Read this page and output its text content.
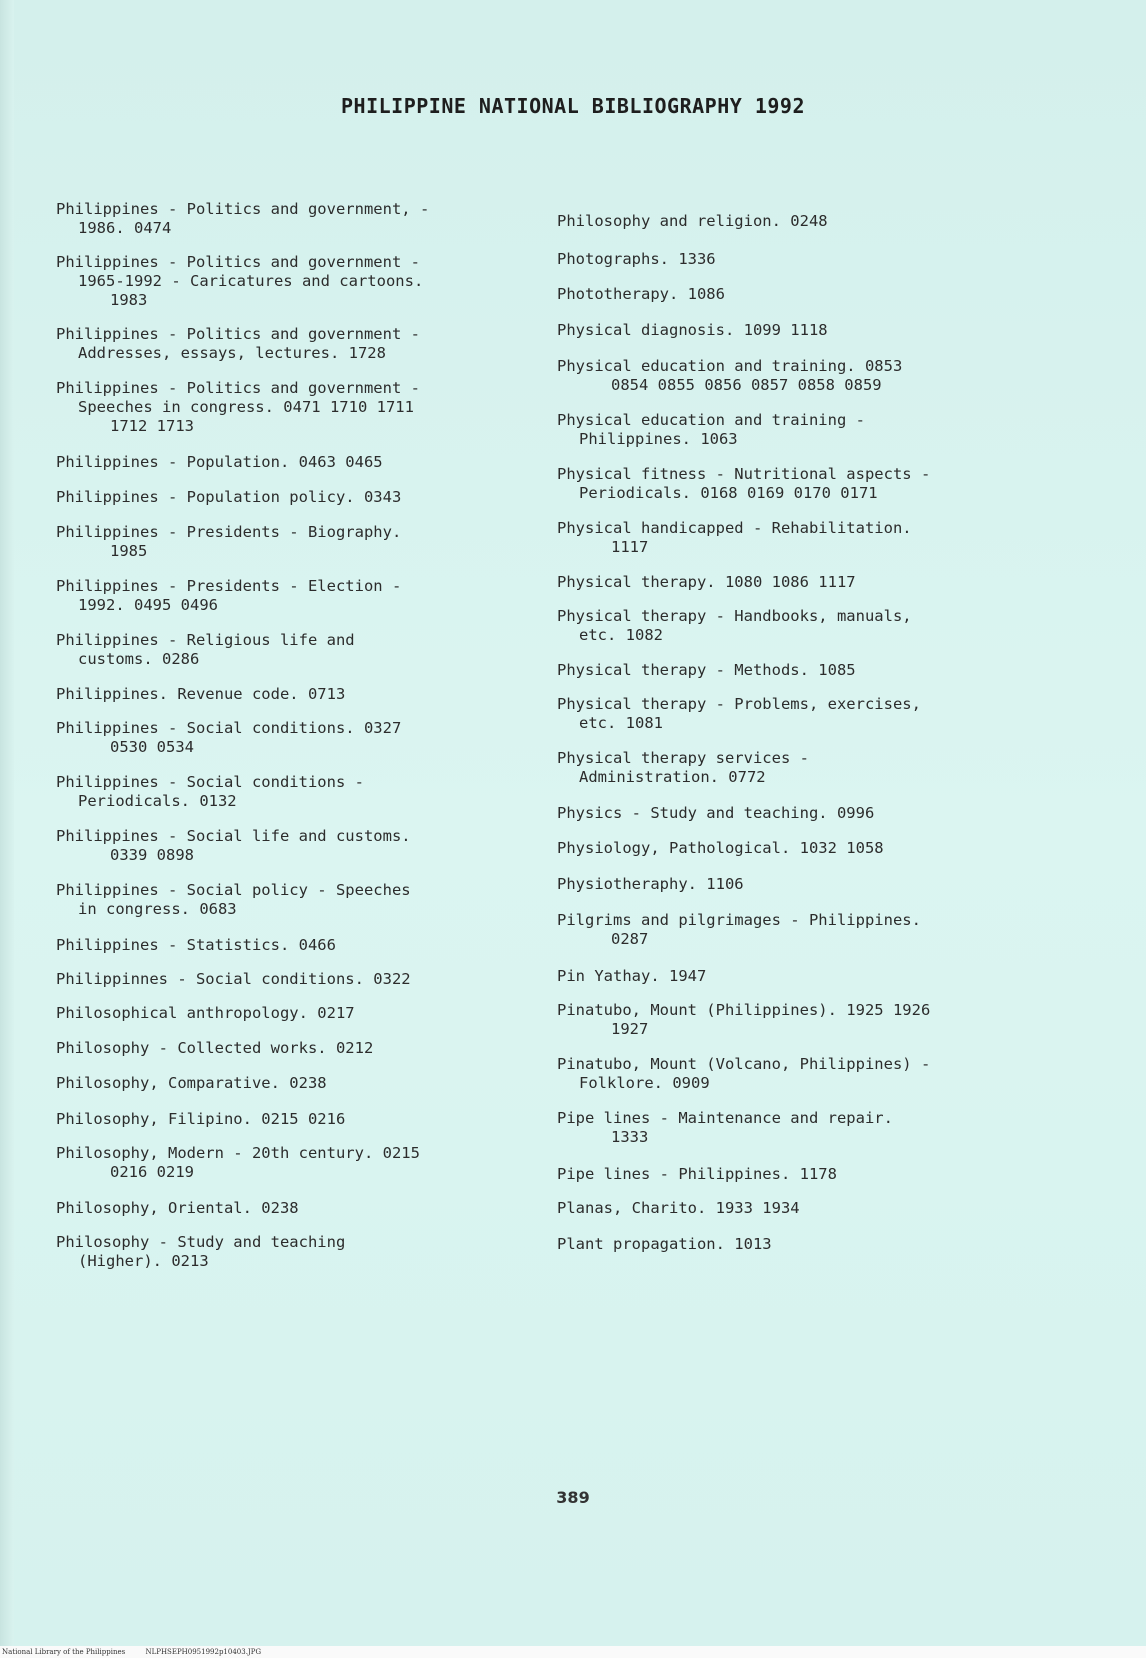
PHILIPPINE NATIONAL BIBLIOGRAPHY 1992
Philippines - Politics and government, -
1986. 0474
Philippines - Politics and government -
1965-1992 - Caricatures and cartoons.
1983
Philippines - Politics and government -
Addresses, essays, lectures. 1728
Philippines - Politics and government -
Speeches in congress. 0471 1710 1711
1712 1713
Philippines - Population. 0463 0465
Philippines - Population policy. 0343
Philippines - Presidents - Biography.
1985
Philippines - Presidents - Election -
1992. 0495 0496
Philippines - Religious life and
customs. 0286
Philippines. Revenue code. 0713
Philippines - Social conditions. 0327
0530 0534
Philippines - Social conditions -
Periodicals. 0132
Philippines - Social life and customs.
0339 0898
Philippines - Social policy - Speeches
in congress. 0683
Philippines - Statistics. 0466
Philippinnes - Social conditions. 0322
Philosophical anthropology. 0217
Philosophy - Collected works. 0212
Philosophy, Comparative. 0238
Philosophy, Filipino. 0215 0216
Philosophy, Modern - 20th century. 0215
0216 0219
Philosophy, Oriental. 0238
Philosophy - Study and teaching
(Higher). 0213
Philosophy and religion. 0248
Photographs. 1336
Phototherapy. 1086
Physical diagnosis. 1099 1118
Physical education and training. 0853
0854 0855 0856 0857 0858 0859
Physical education and training -
Philippines. 1063
Physical fitness - Nutritional aspects -
Periodicals. 0168 0169 0170 0171
Physical handicapped - Rehabilitation.
1117
Physical therapy. 1080 1086 1117
Physical therapy - Handbooks, manuals,
etc. 1082
Physical therapy - Methods. 1085
Physical therapy - Problems, exercises,
etc. 1081
Physical therapy services -
Administration. 0772
Physics - Study and teaching. 0996
Physiology, Pathological. 1032 1058
Physiotheraphy. 1106
Pilgrims and pilgrimages - Philippines.
0287
Pin Yathay. 1947
Pinatubo, Mount (Philippines). 1925 1926
1927
Pinatubo, Mount (Volcano, Philippines) -
Folklore. 0909
Pipe lines - Maintenance and repair.
1333
Pipe lines - Philippines. 1178
Planas, Charito. 1933 1934
Plant propagation. 1013
389
National Library of the Philippines	NLPHSEPH0951992p10403.JPG
